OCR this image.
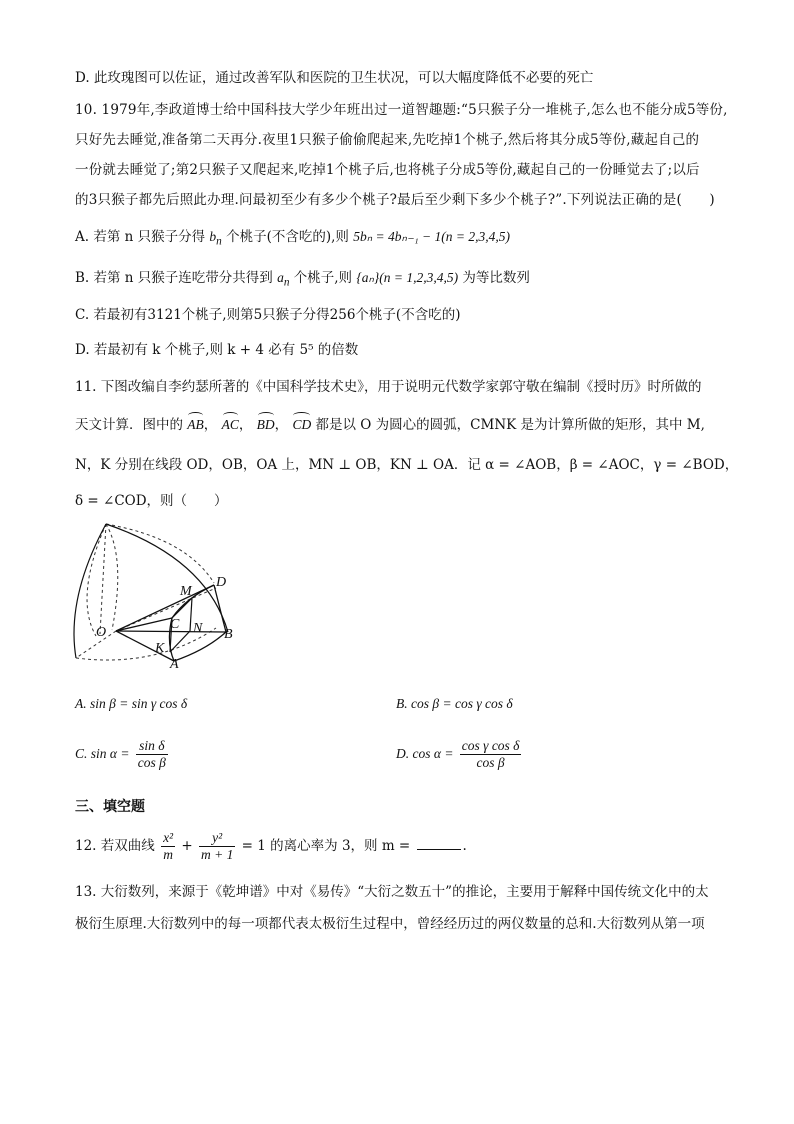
D. 此玫瑰图可以佐证，通过改善军队和医院的卫生状况，可以大幅度降低不必要的死亡
10. 1979年,李政道博士给中国科技大学少年班出过一道智趣题:“5只猴子分一堆桃子,怎么也不能分成5等份,
只好先去睡觉,准备第二天再分.夜里1只猴子偷偷爬起来,先吃掉1个桃子,然后将其分成5等份,藏起自己的
一份就去睡觉了;第2只猴子又爬起来,吃掉1个桃子后,也将桃子分成5等份,藏起自己的一份睡觉去了;以后
的3只猴子都先后照此办理.问最初至少有多少个桃子?最后至少剩下多少个桃子?”.下列说法正确的是(　　)
A. 若第 n 只猴子分得 $b_n$ 个桃子(不含吃的),则 5bₙ = 4bₙ₋₁ − 1(n = 2,3,4,5)
B. 若第 n 只猴子连吃带分共得到 $a_n$ 个桃子,则 {aₙ}(n = 1,2,3,4,5) 为等比数列
C. 若最初有3121个桃子,则第5只猴子分得256个桃子(不含吃的)
D. 若最初有 k 个桃子,则 k + 4 必有 5⁵ 的倍数
11. 下图改编自李约瑟所著的《中国科学技术史》，用于说明元代数学家郭守敬在编制《授时历》时所做的
天文计算．图中的 AB， AC， BD， CD 都是以 O 为圆心的圆弧，CMNK 是为计算所做的矩形，其中 M,
N，K 分别在线段 OD，OB，OA 上，MN ⊥ OB，KN ⊥ OA．记 α = ∠AOB，β = ∠AOC，γ = ∠BOD，
δ = ∠COD，则（　　）
D
M
O
C N B
K
A
A. sin β = sin γ cos δ	B. cos β = cos γ cos δ
C. $\sin \alpha = \frac{\text{sin δ}}{\text{cos β}}$	D. $\cos \alpha = \frac{\text{cos γ cos δ}}{\text{cos β}}$
三、填空题
12. 若双曲线 $\frac{\text{x²}}{m} + \frac{\text{y²}}{m + 1} = 1$ 的离心率为 3，则 m =	.
13. 大衍数列，来源于《乾坤谱》中对《易传》“大衍之数五十”的推论，主要用于解释中国传统文化中的太
极衍生原理.大衍数列中的每一项都代表太极衍生过程中，曾经经历过的两仪数量的总和.大衍数列从第一项
